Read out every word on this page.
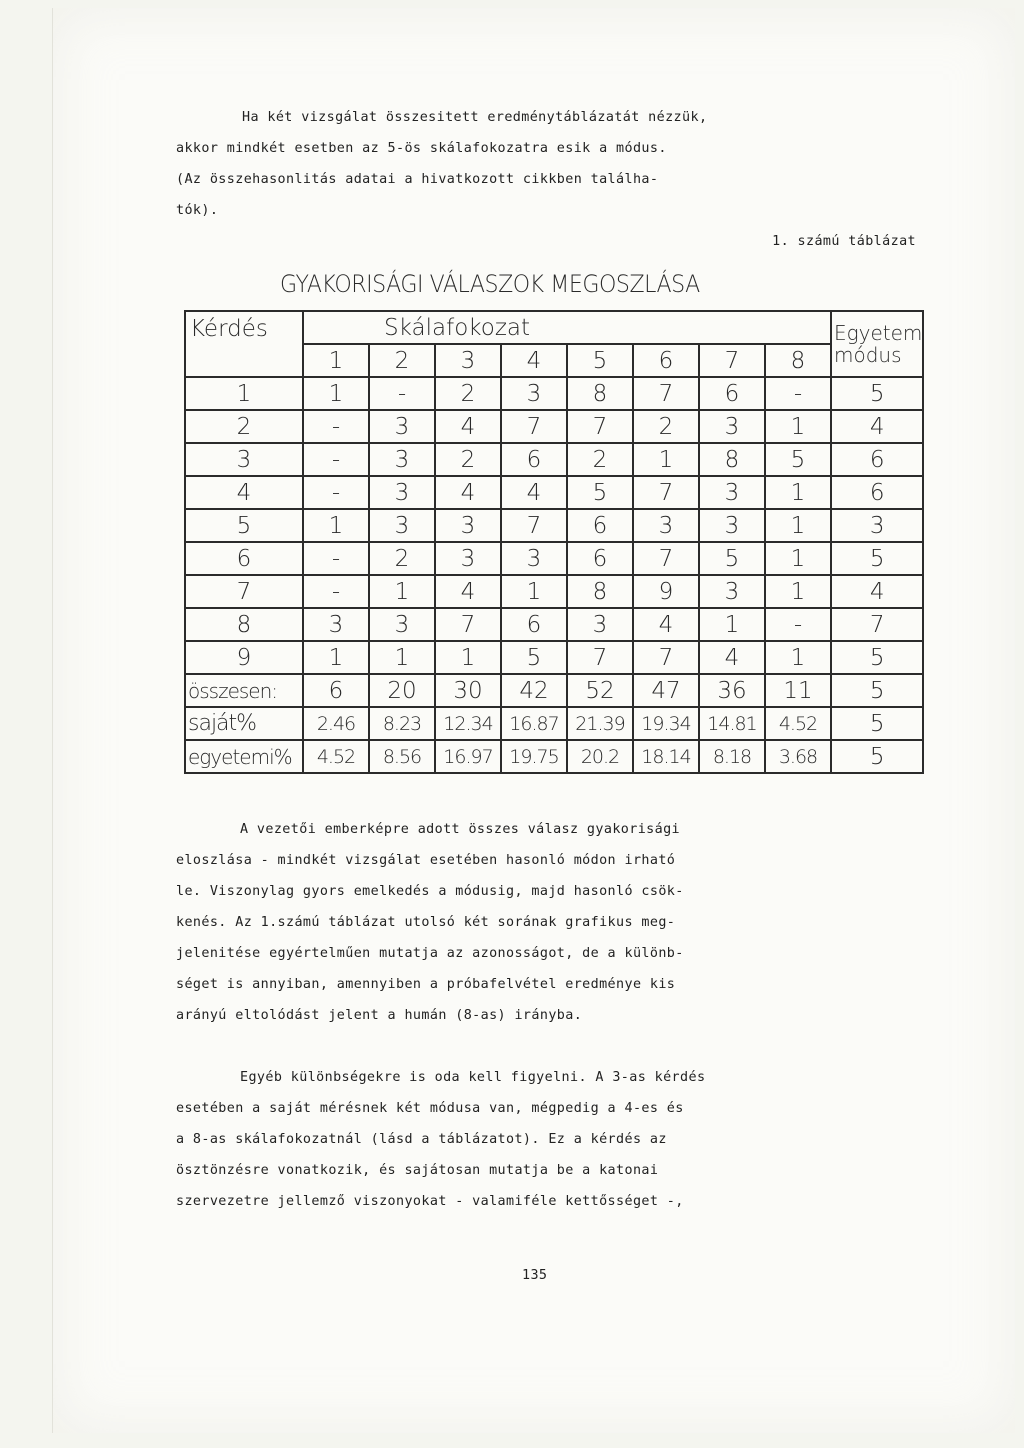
Ha két vizsgálat összesitett eredménytáblázatát nézzük,
akkor mindkét esetben az 5-ös skálafokozatra esik a módus.
(Az összehasonlitás adatai a hivatkozott cikkben találha-
tók).
1. számú táblázat
GYAKORISÁGI VÁLASZOK MEGOSZLÁSA
Kérdés	Skálafokozat								Egyetem
módus

	1	2	3	4	5	6	7	8	
1	1	-	2	3	8	7	6	-	5
2	-	3	4	7	7	2	3	1	4
3	-	3	2	6	2	1	8	5	6
4	-	3	4	4	5	7	3	1	6
5	1	3	3	7	6	3	3	1	3
6	-	2	3	3	6	7	5	1	5
7	-	1	4	1	8	9	3	1	4
8	3	3	7	6	3	4	1	-	7
9	1	1	1	5	7	7	4	1	5
összesen:	6	20	30	42	52	47	36	11	5
saját%	2.46	8.23	12.34	16.87	21.39	19.34	14.81	4.52	5
egyetemi%	4.52	8.56	16.97	19.75	20.2	18.14	8.18	3.68	5
A vezetői emberképre adott összes válasz gyakorisági
eloszlása - mindkét vizsgálat esetében hasonló módon irható
le. Viszonylag gyors emelkedés a módusig, majd hasonló csök-
kenés. Az 1.számú táblázat utolsó két sorának grafikus meg-
jelenitése egyértelműen mutatja az azonosságot, de a különb-
séget is annyiban, amennyiben a próbafelvétel eredménye kis
arányú eltolódást jelent a humán (8-as) irányba.
Egyéb különbségekre is oda kell figyelni. A 3-as kérdés
esetében a saját mérésnek két módusa van, mégpedig a 4-es és
a 8-as skálafokozatnál (lásd a táblázatot). Ez a kérdés az
ösztönzésre vonatkozik, és sajátosan mutatja be a katonai
szervezetre jellemző viszonyokat - valamiféle kettősséget -,
135
